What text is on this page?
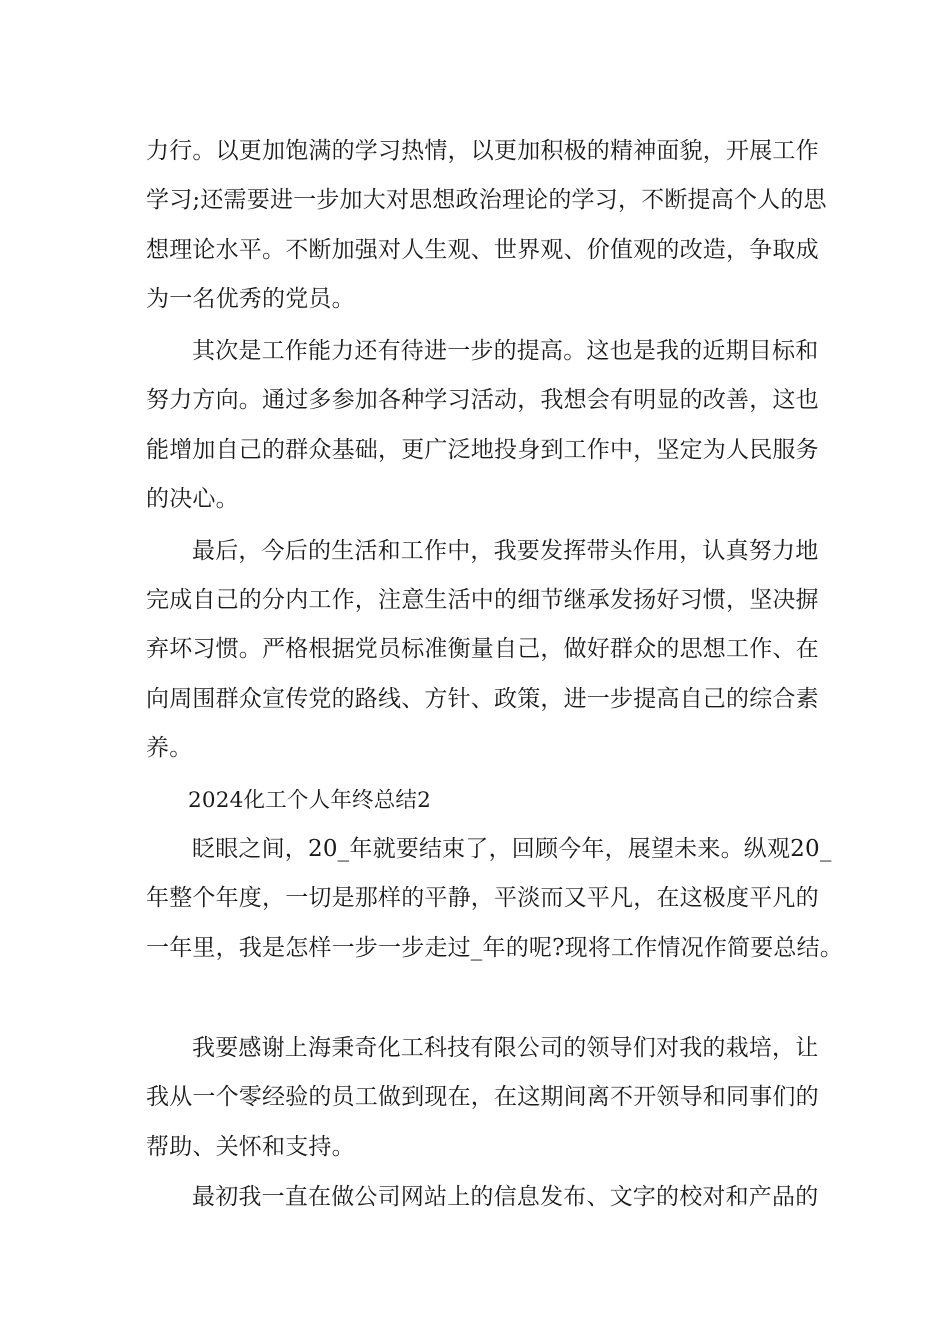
力行。以更加饱满的学习热情，以更加积极的精神面貌，开展工作

学习;还需要进一步加大对思想政治理论的学习，不断提高个人的思

想理论水平。不断加强对人生观、世界观、价值观的改造，争取成

为一名优秀的党员。

其次是工作能力还有待进一步的提高。这也是我的近期目标和

努力方向。通过多参加各种学习活动，我想会有明显的改善，这也

能增加自己的群众基础，更广泛地投身到工作中，坚定为人民服务

的决心。

最后，今后的生活和工作中，我要发挥带头作用，认真努力地

完成自己的分内工作，注意生活中的细节继承发扬好习惯，坚决摒

弃坏习惯。严格根据党员标准衡量自己，做好群众的思想工作、在

向周围群众宣传党的路线、方针、政策，进一步提高自己的综合素

养。

2024化工个人年终总结2

眨眼之间，20_年就要结束了，回顾今年，展望未来。纵观20_

年整个年度，一切是那样的平静，平淡而又平凡，在这极度平凡的

一年里，我是怎样一步一步走过_年的呢?现将工作情况作简要总结。

我要感谢上海秉奇化工科技有限公司的领导们对我的栽培，让

我从一个零经验的员工做到现在，在这期间离不开领导和同事们的

帮助、关怀和支持。

最初我一直在做公司网站上的信息发布、文字的校对和产品的
